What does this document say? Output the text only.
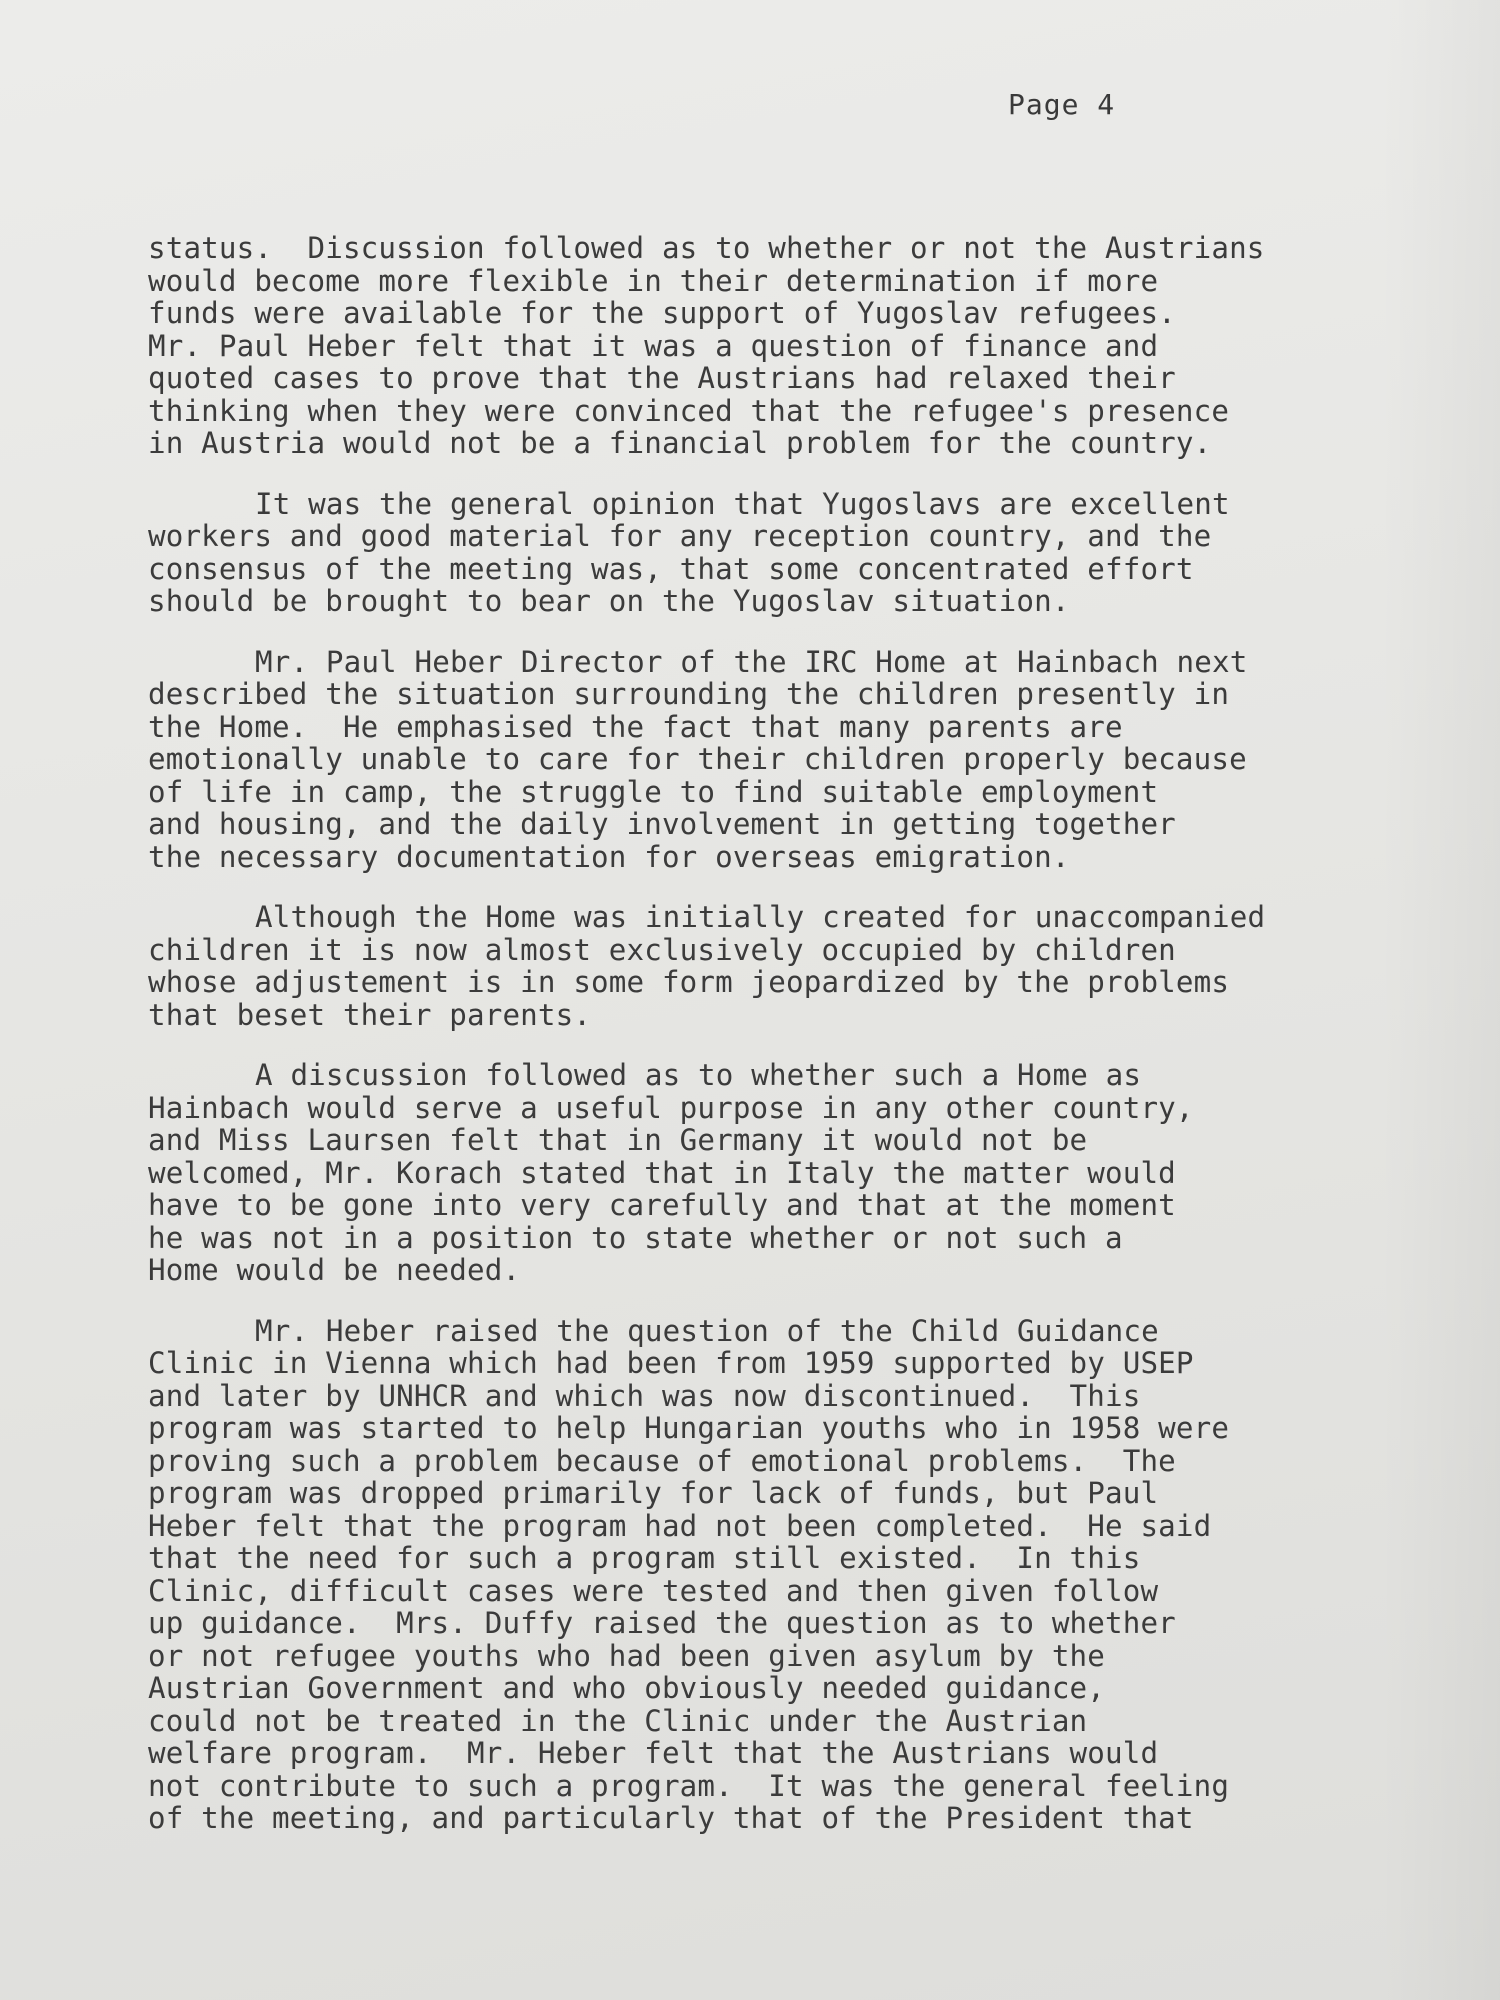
Page 4
status.  Discussion followed as to whether or not the Austrians
would become more flexible in their determination if more
funds were available for the support of Yugoslav refugees.
Mr. Paul Heber felt that it was a question of finance and
quoted cases to prove that the Austrians had relaxed their
thinking when they were convinced that the refugee's presence
in Austria would not be a financial problem for the country.
It was the general opinion that Yugoslavs are excellent
workers and good material for any reception country, and the
consensus of the meeting was, that some concentrated effort
should be brought to bear on the Yugoslav situation.
Mr. Paul Heber Director of the IRC Home at Hainbach next
described the situation surrounding the children presently in
the Home.  He emphasised the fact that many parents are
emotionally unable to care for their children properly because
of life in camp, the struggle to find suitable employment
and housing, and the daily involvement in getting together
the necessary documentation for overseas emigration.
Although the Home was initially created for unaccompanied
children it is now almost exclusively occupied by children
whose adjustement is in some form jeopardized by the problems
that beset their parents.
A discussion followed as to whether such a Home as
Hainbach would serve a useful purpose in any other country,
and Miss Laursen felt that in Germany it would not be
welcomed, Mr. Korach stated that in Italy the matter would
have to be gone into very carefully and that at the moment
he was not in a position to state whether or not such a
Home would be needed.
Mr. Heber raised the question of the Child Guidance
Clinic in Vienna which had been from 1959 supported by USEP
and later by UNHCR and which was now discontinued.  This
program was started to help Hungarian youths who in 1958 were
proving such a problem because of emotional problems.  The
program was dropped primarily for lack of funds, but Paul
Heber felt that the program had not been completed.  He said
that the need for such a program still existed.  In this
Clinic, difficult cases were tested and then given follow
up guidance.  Mrs. Duffy raised the question as to whether
or not refugee youths who had been given asylum by the
Austrian Government and who obviously needed guidance,
could not be treated in the Clinic under the Austrian
welfare program.  Mr. Heber felt that the Austrians would
not contribute to such a program.  It was the general feeling
of the meeting, and particularly that of the President that
